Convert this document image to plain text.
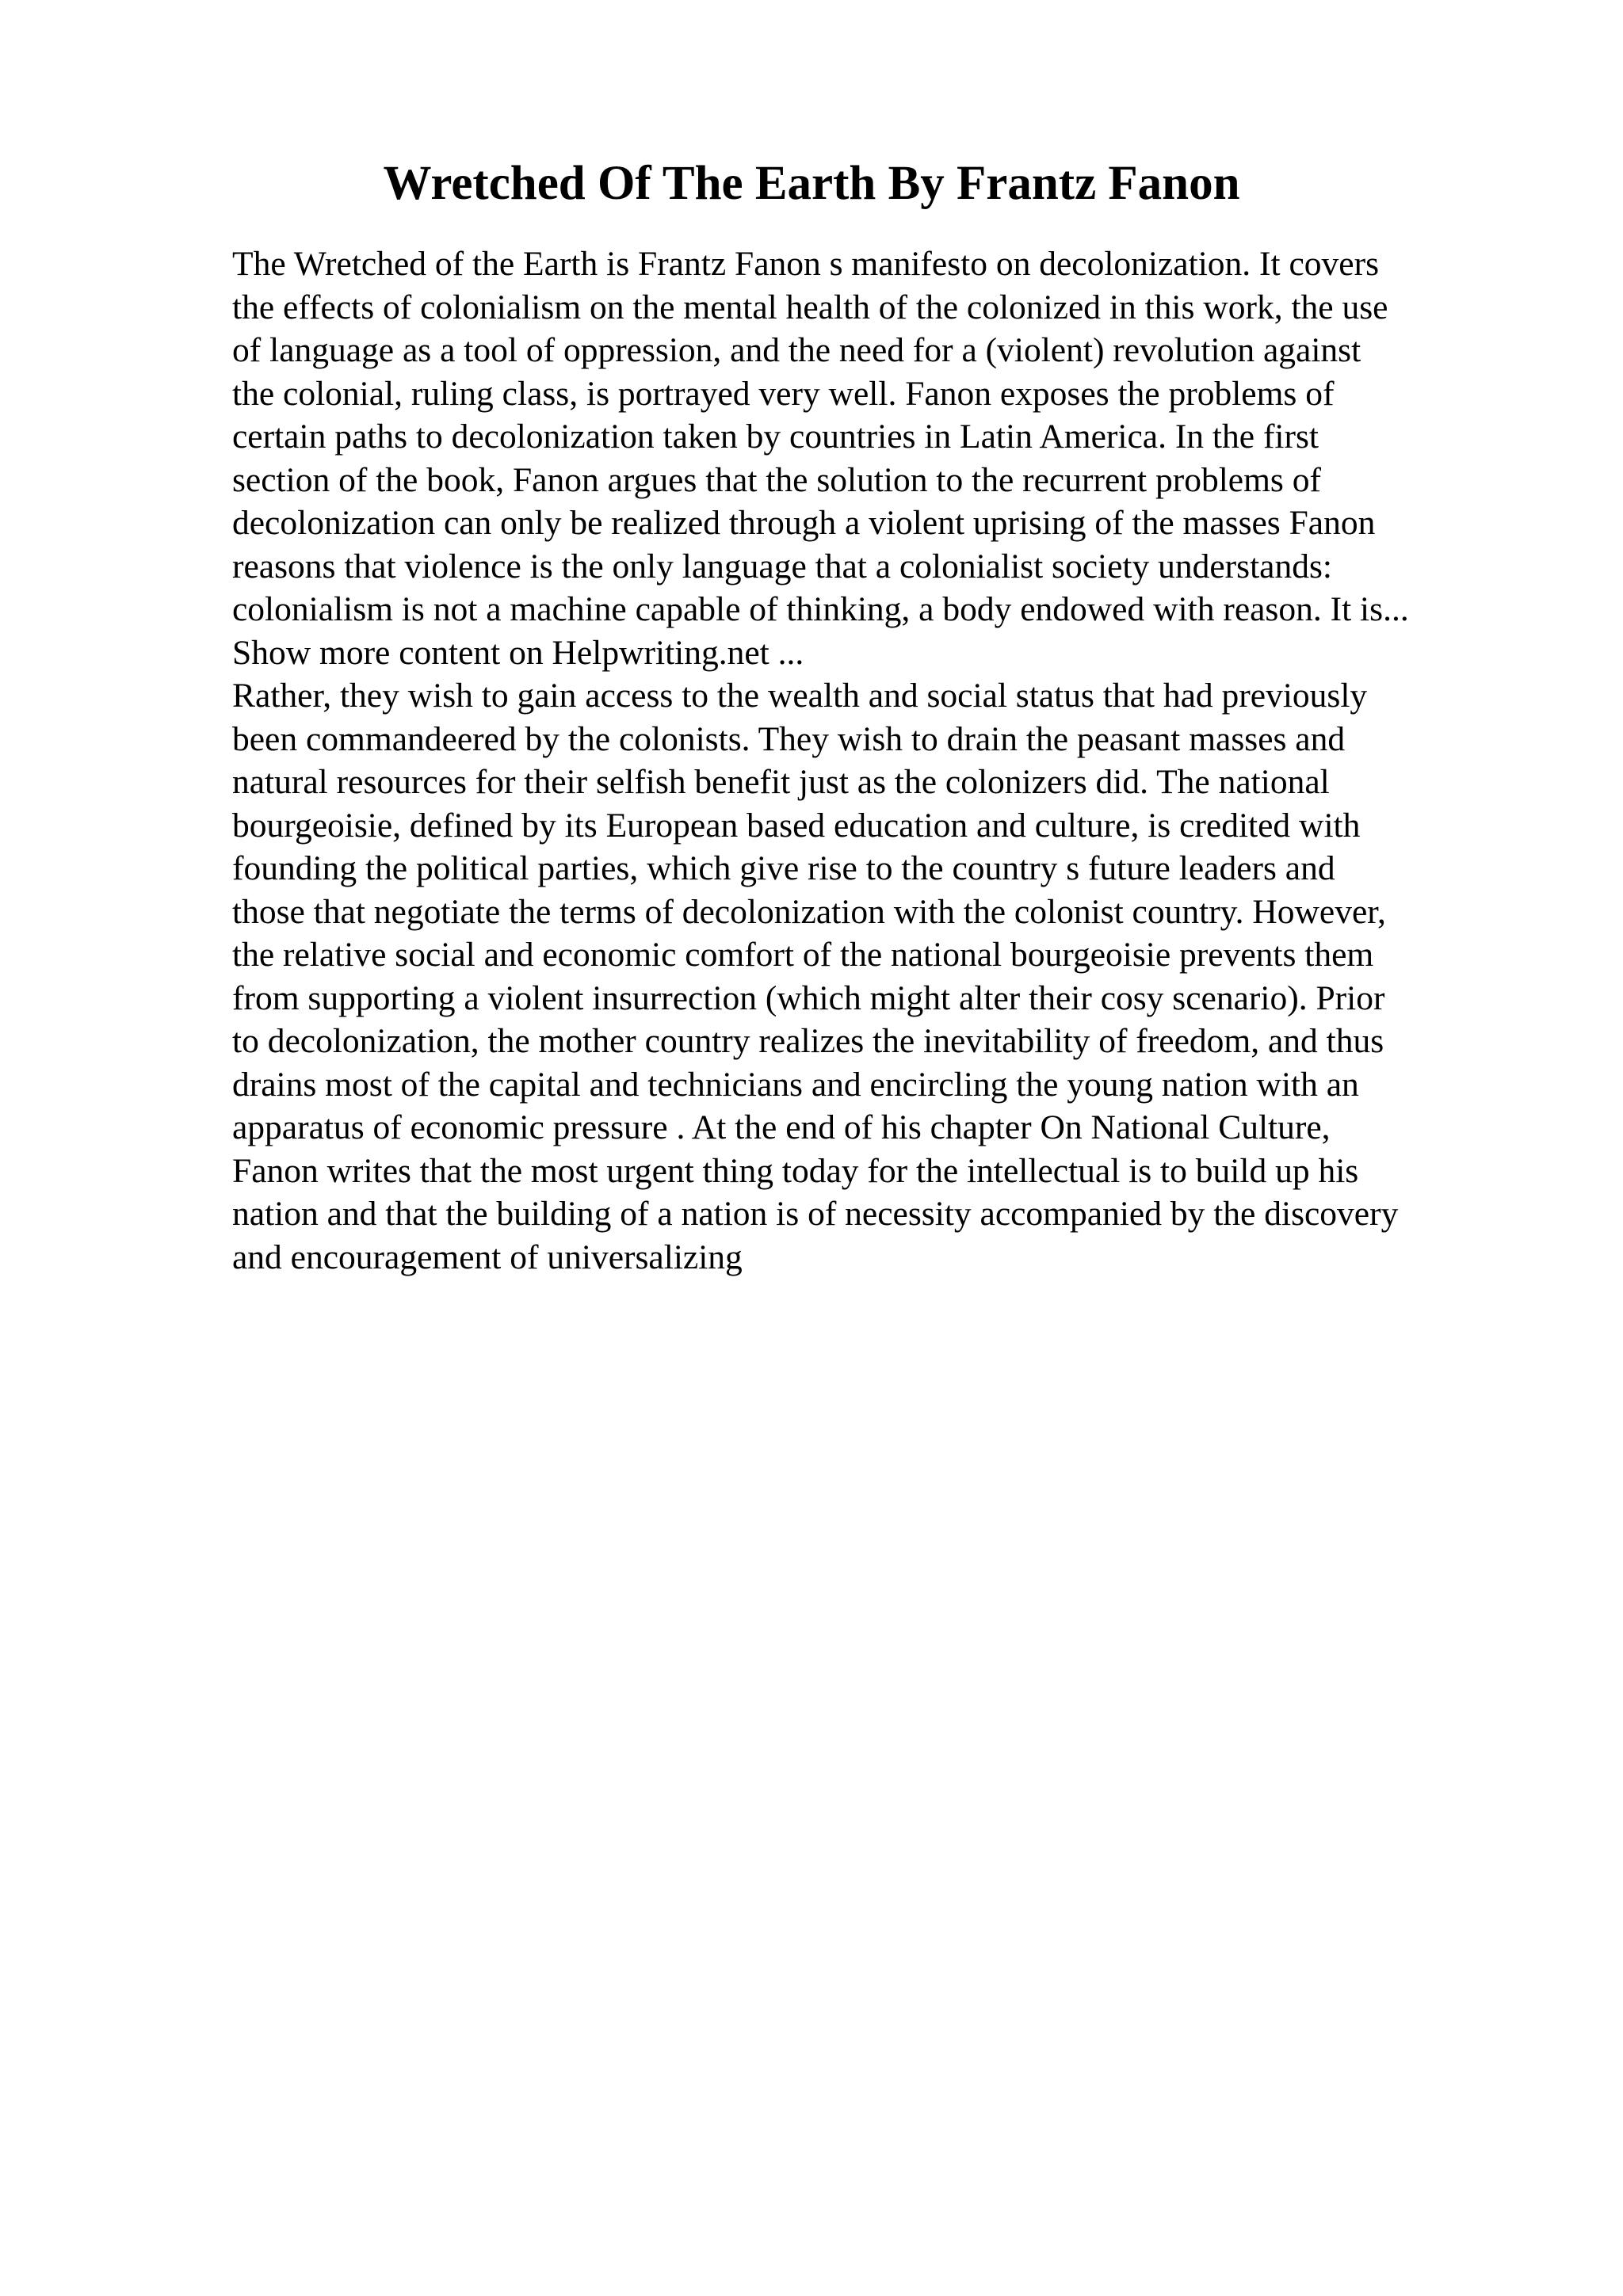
Wretched Of The Earth By Frantz Fanon
The Wretched of the Earth is Frantz Fanon s manifesto on decolonization. It covers
the effects of colonialism on the mental health of the colonized in this work, the use
of language as a tool of oppression, and the need for a (violent) revolution against
the colonial, ruling class, is portrayed very well. Fanon exposes the problems of
certain paths to decolonization taken by countries in Latin America. In the first
section of the book, Fanon argues that the solution to the recurrent problems of
decolonization can only be realized through a violent uprising of the masses Fanon
reasons that violence is the only language that a colonialist society understands:
colonialism is not a machine capable of thinking, a body endowed with reason. It is...
Show more content on Helpwriting.net ...
Rather, they wish to gain access to the wealth and social status that had previously
been commandeered by the colonists. They wish to drain the peasant masses and
natural resources for their selfish benefit just as the colonizers did. The national
bourgeoisie, defined by its European based education and culture, is credited with
founding the political parties, which give rise to the country s future leaders and
those that negotiate the terms of decolonization with the colonist country. However,
the relative social and economic comfort of the national bourgeoisie prevents them
from supporting a violent insurrection (which might alter their cosy scenario). Prior
to decolonization, the mother country realizes the inevitability of freedom, and thus
drains most of the capital and technicians and encircling the young nation with an
apparatus of economic pressure . At the end of his chapter On National Culture,
Fanon writes that the most urgent thing today for the intellectual is to build up his
nation and that the building of a nation is of necessity accompanied by the discovery
and encouragement of universalizing
